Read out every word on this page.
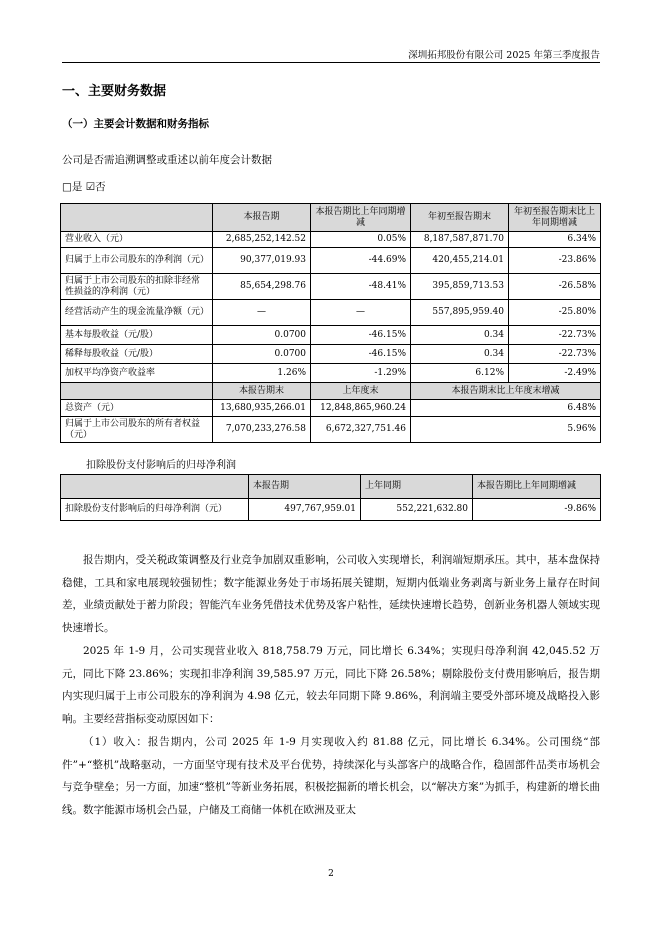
深圳拓邦股份有限公司 2025 年第三季度报告
一、主要财务数据
（一）主要会计数据和财务指标
公司是否需追溯调整或重述以前年度会计数据
□是 ☑否
	本报告期	本报告期比上年同期增减	年初至报告期末	年初至报告期末比上年同期增减
营业收入（元）	2,685,252,142.52	0.05%	8,187,587,871.70	6.34%
归属于上市公司股东的净利润（元）	90,377,019.93	-44.69%	420,455,214.01	-23.86%
归属于上市公司股东的扣除非经常性损益的净利润（元）	85,654,298.76	-48.41%	395,859,713.53	-26.58%
经营活动产生的现金流量净额（元）	—	—	557,895,959.40	-25.80%
基本每股收益（元/股）	0.0700	-46.15%	0.34	-22.73%
稀释每股收益（元/股）	0.0700	-46.15%	0.34	-22.73%
加权平均净资产收益率	1.26%	-1.29%	6.12%	-2.49%
	本报告期末	上年度末	本报告期末比上年度末增减	
总资产（元）	13,680,935,266.01	12,848,865,960.24	6.48%	
归属于上市公司股东的所有者权益（元）	7,070,233,276.58	6,672,327,751.46	5.96%	
扣除股份支付影响后的归母净利润
	本报告期	上年同期	本报告期比上年同期增减
扣除股份支付影响后的归母净利润（元）	497,767,959.01	552,221,632.80	-9.86%
报告期内，受关税政策调整及行业竞争加剧双重影响，公司收入实现增长，利润端短期承压。其中，基本盘保持稳健，工具和家电展现较强韧性；数字能源业务处于市场拓展关键期，短期内低端业务剥离与新业务上量存在时间差，业绩贡献处于蓄力阶段；智能汽车业务凭借技术优势及客户粘性，延续快速增长趋势，创新业务机器人领域实现快速增长。
2025 年 1-9 月，公司实现营业收入 818,758.79 万元，同比增长 6.34%；实现归母净利润 42,045.52 万元，同比下降 23.86%；实现扣非净利润 39,585.97 万元，同比下降 26.58%；剔除股份支付费用影响后，报告期内实现归属于上市公司股东的净利润为 4.98 亿元，较去年同期下降 9.86%，利润端主要受外部环境及战略投入影响。主要经营指标变动原因如下：
（1）收入：报告期内，公司 2025 年 1-9 月实现收入约 81.88 亿元，同比增长 6.34%。公司围绕“部件”+“整机”战略驱动，一方面坚守现有技术及平台优势，持续深化与头部客户的战略合作，稳固部件品类市场机会与竞争壁垒；另一方面，加速“整机”等新业务拓展，积极挖掘新的增长机会，以“解决方案”为抓手，构建新的增长曲线。数字能源市场机会凸显，户储及工商储一体机在欧洲及亚太
2
